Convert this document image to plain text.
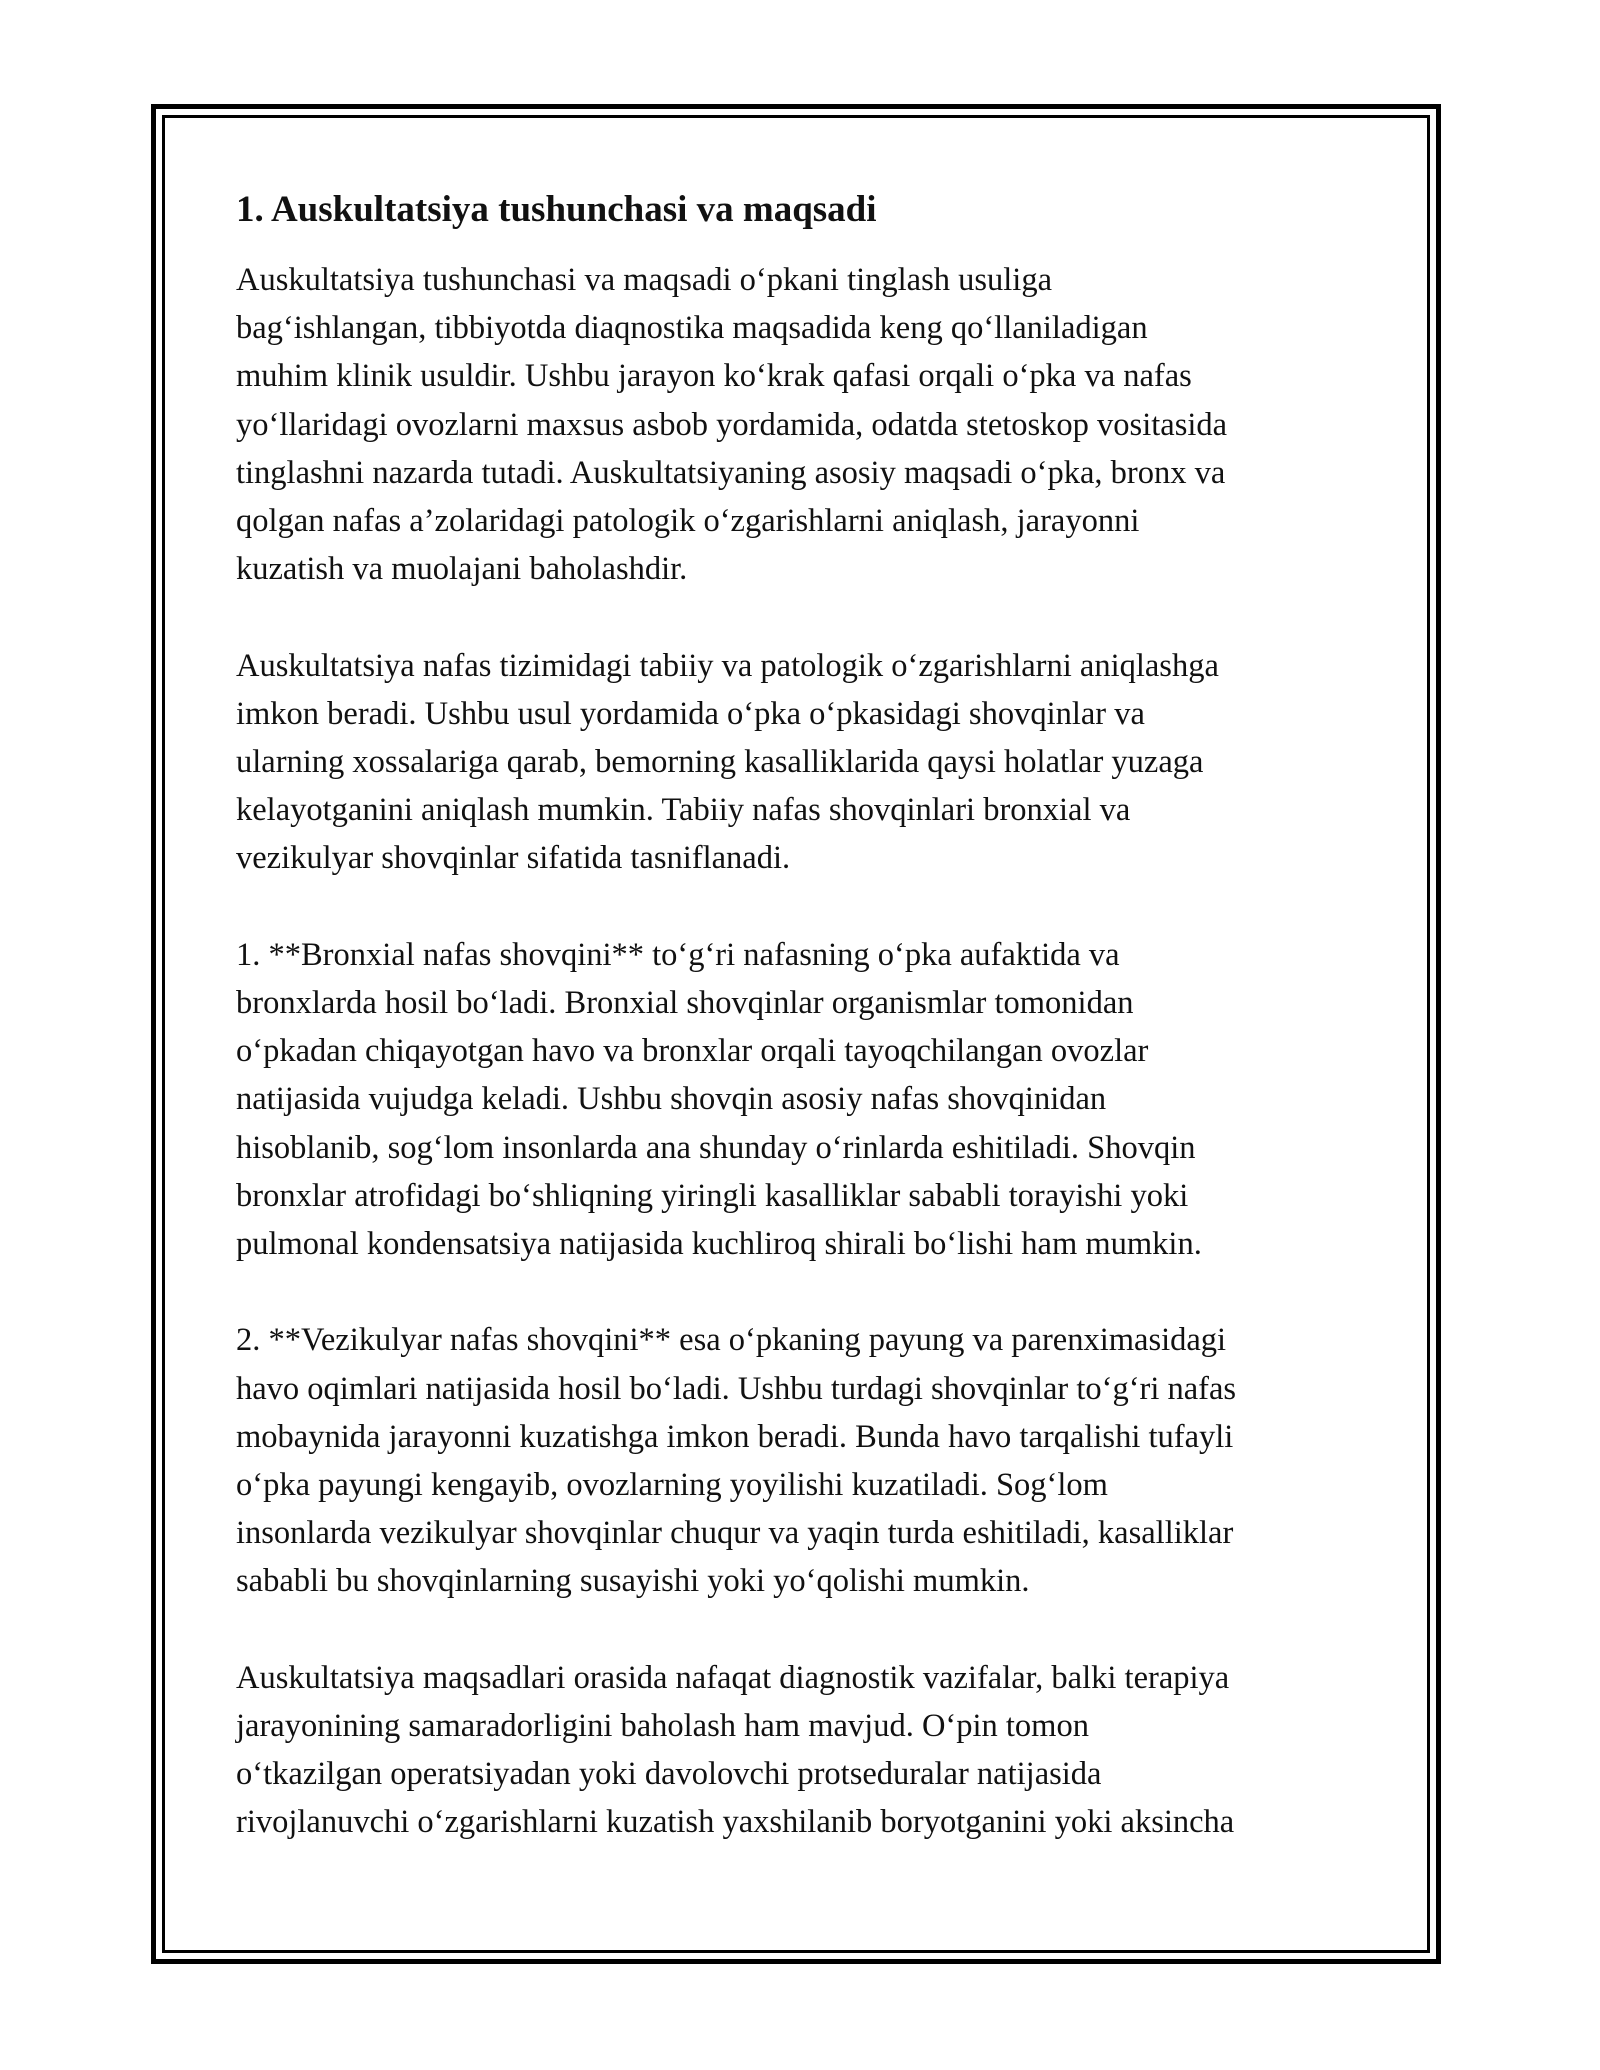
1. Auskultatsiya tushunchasi va maqsadi
Auskultatsiya tushunchasi va maqsadi o‘pkani tinglash usuliga
bag‘ishlangan, tibbiyotda diaqnostika maqsadida keng qo‘llaniladigan
muhim klinik usuldir. Ushbu jarayon ko‘krak qafasi orqali o‘pka va nafas
yo‘llaridagi ovozlarni maxsus asbob yordamida, odatda stetoskop vositasida
tinglashni nazarda tutadi. Auskultatsiyaning asosiy maqsadi o‘pka, bronx va
qolgan nafas a’zolaridagi patologik o‘zgarishlarni aniqlash, jarayonni
kuzatish va muolajani baholashdir.
Auskultatsiya nafas tizimidagi tabiiy va patologik o‘zgarishlarni aniqlashga
imkon beradi. Ushbu usul yordamida o‘pka o‘pkasidagi shovqinlar va
ularning xossalariga qarab, bemorning kasalliklarida qaysi holatlar yuzaga
kelayotganini aniqlash mumkin. Tabiiy nafas shovqinlari bronxial va
vezikulyar shovqinlar sifatida tasniflanadi.
1. **Bronxial nafas shovqini** to‘g‘ri nafasning o‘pka aufaktida va
bronxlarda hosil bo‘ladi. Bronxial shovqinlar organismlar tomonidan
o‘pkadan chiqayotgan havo va bronxlar orqali tayoqchilangan ovozlar
natijasida vujudga keladi. Ushbu shovqin asosiy nafas shovqinidan
hisoblanib, sog‘lom insonlarda ana shunday o‘rinlarda eshitiladi. Shovqin
bronxlar atrofidagi bo‘shliqning yiringli kasalliklar sababli torayishi yoki
pulmonal kondensatsiya natijasida kuchliroq shirali bo‘lishi ham mumkin.
2. **Vezikulyar nafas shovqini** esa o‘pkaning payung va parenximasidagi
havo oqimlari natijasida hosil bo‘ladi. Ushbu turdagi shovqinlar to‘g‘ri nafas
mobaynida jarayonni kuzatishga imkon beradi. Bunda havo tarqalishi tufayli
o‘pka payungi kengayib, ovozlarning yoyilishi kuzatiladi. Sog‘lom
insonlarda vezikulyar shovqinlar chuqur va yaqin turda eshitiladi, kasalliklar
sababli bu shovqinlarning susayishi yoki yo‘qolishi mumkin.
Auskultatsiya maqsadlari orasida nafaqat diagnostik vazifalar, balki terapiya
jarayonining samaradorligini baholash ham mavjud. O‘pin tomon
o‘tkazilgan operatsiyadan yoki davolovchi protseduralar natijasida
rivojlanuvchi o‘zgarishlarni kuzatish yaxshilanib boryotganini yoki aksincha
